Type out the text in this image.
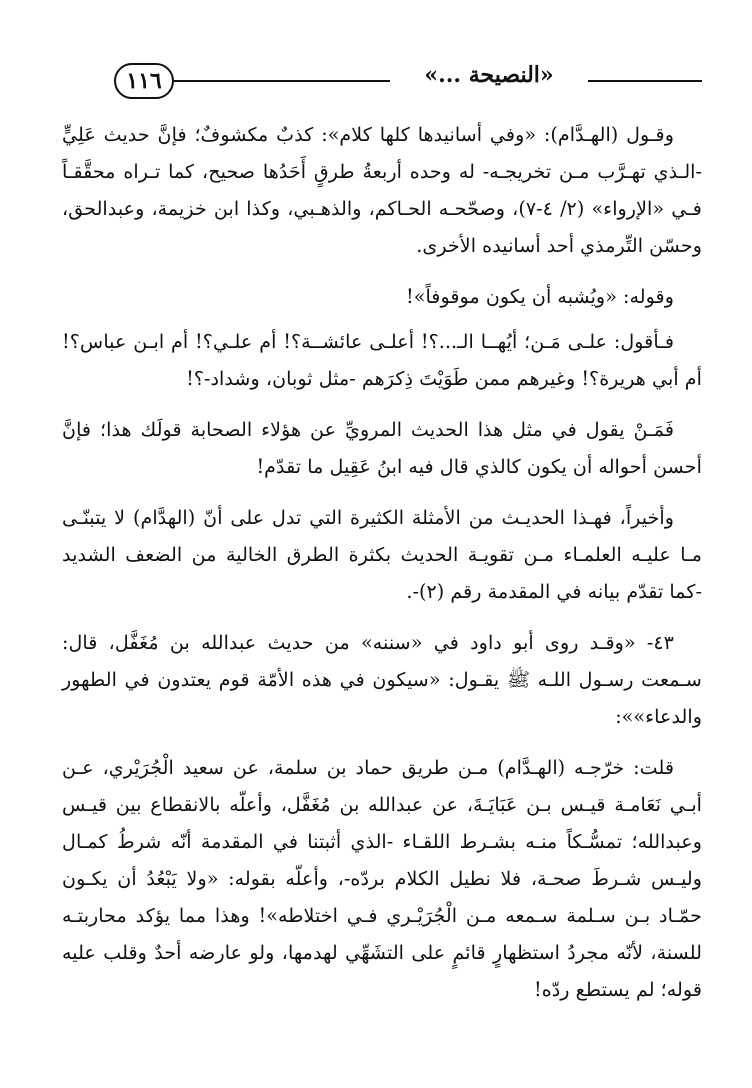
١١٦	«النصيحة ...»

وقـول (الهـدَّام): «وفي أسانيدها كلها كلام»: كذبٌ مكشوفٌ؛ فإنَّ حديث عَلِيٍّ -الـذي تهـرَّب مـن تخريجـه- له وحده أربعةُ طرقٍ أَحَدُها صحيح، كما تـراه محقَّقـاً فـي «الإرواء» (٢/ ٤-٧)، وصحّحـه الحـاكم، والذهـبي، وكذا ابن خزيمة، وعبدالحق، وحسّن التِّرمذي أحد أسانيده الأخرى.

وقوله: «ويُشبه أن يكون موقوفاً»!

فـأقول: علـى مَـن؛ أيُهــا الـ...؟! أعلـى عائشــة؟! أم علـي؟! أم ابـن عباس؟! أم أبي هريرة؟! وغيرهم ممن طَوَيْتَ ذِكرَهم -مثل ثوبان، وشداد-؟!

فَمَـنْ يقول في مثل هذا الحديث المرويِّ عن هؤلاء الصحابة قولَك هذا؛ فإنَّ أحسن أحواله أن يكون كالذي قال فيه ابنُ عَقِيل ما تقدّم!

وأخيراً، فهـذا الحديـث من الأمثلة الكثيرة التي تدل على أنّ (الهدَّام) لا يتبنّـى مـا عليـه العلمـاء مـن تقويـة الحديث بكثرة الطرق الخالية من الضعف الشديد -كما تقدّم بيانه في المقدمة رقم (٢)-.

٤٣- «وقـد روى أبو داود في «سننه» من حديث عبدالله بن مُغَفَّل، قال: سـمعت رسـول اللـه ﷺ يقـول: «سيكون في هذه الأمّة قوم يعتدون في الطهور والدعاء»»:

قلت: خرّجـه (الهـدَّام) مـن طريق حماد بن سلمة، عن سعيد الْجُرَيْري، عـن أبـي نَعَامـة قيـس بـن عَبَايَـةَ، عن عبدالله بن مُغَفَّل، وأعلّه بالانقطاع بين قيـس وعبدالله؛ تمسُّـكاً منـه بشـرط اللقـاء -الذي أثبتنا في المقدمة أنّه شرطُ كمـال وليـس شـرطَ صحـة، فلا نطيل الكلام بردّه-، وأعلّه بقوله: «ولا يَبْعُدُ أن يكـون حمّـاد بـن سـلمة سـمعه مـن الْجُرَيْـري فـي اختلاطه»! وهذا مما يؤكد محاربتـه للسنة، لأنّه مجردُ استظهارٍ قائمٍ على التشَهِّي لهدمها، ولو عارضه أحدٌ وقلب عليه قوله؛ لم يستطع ردّه!
